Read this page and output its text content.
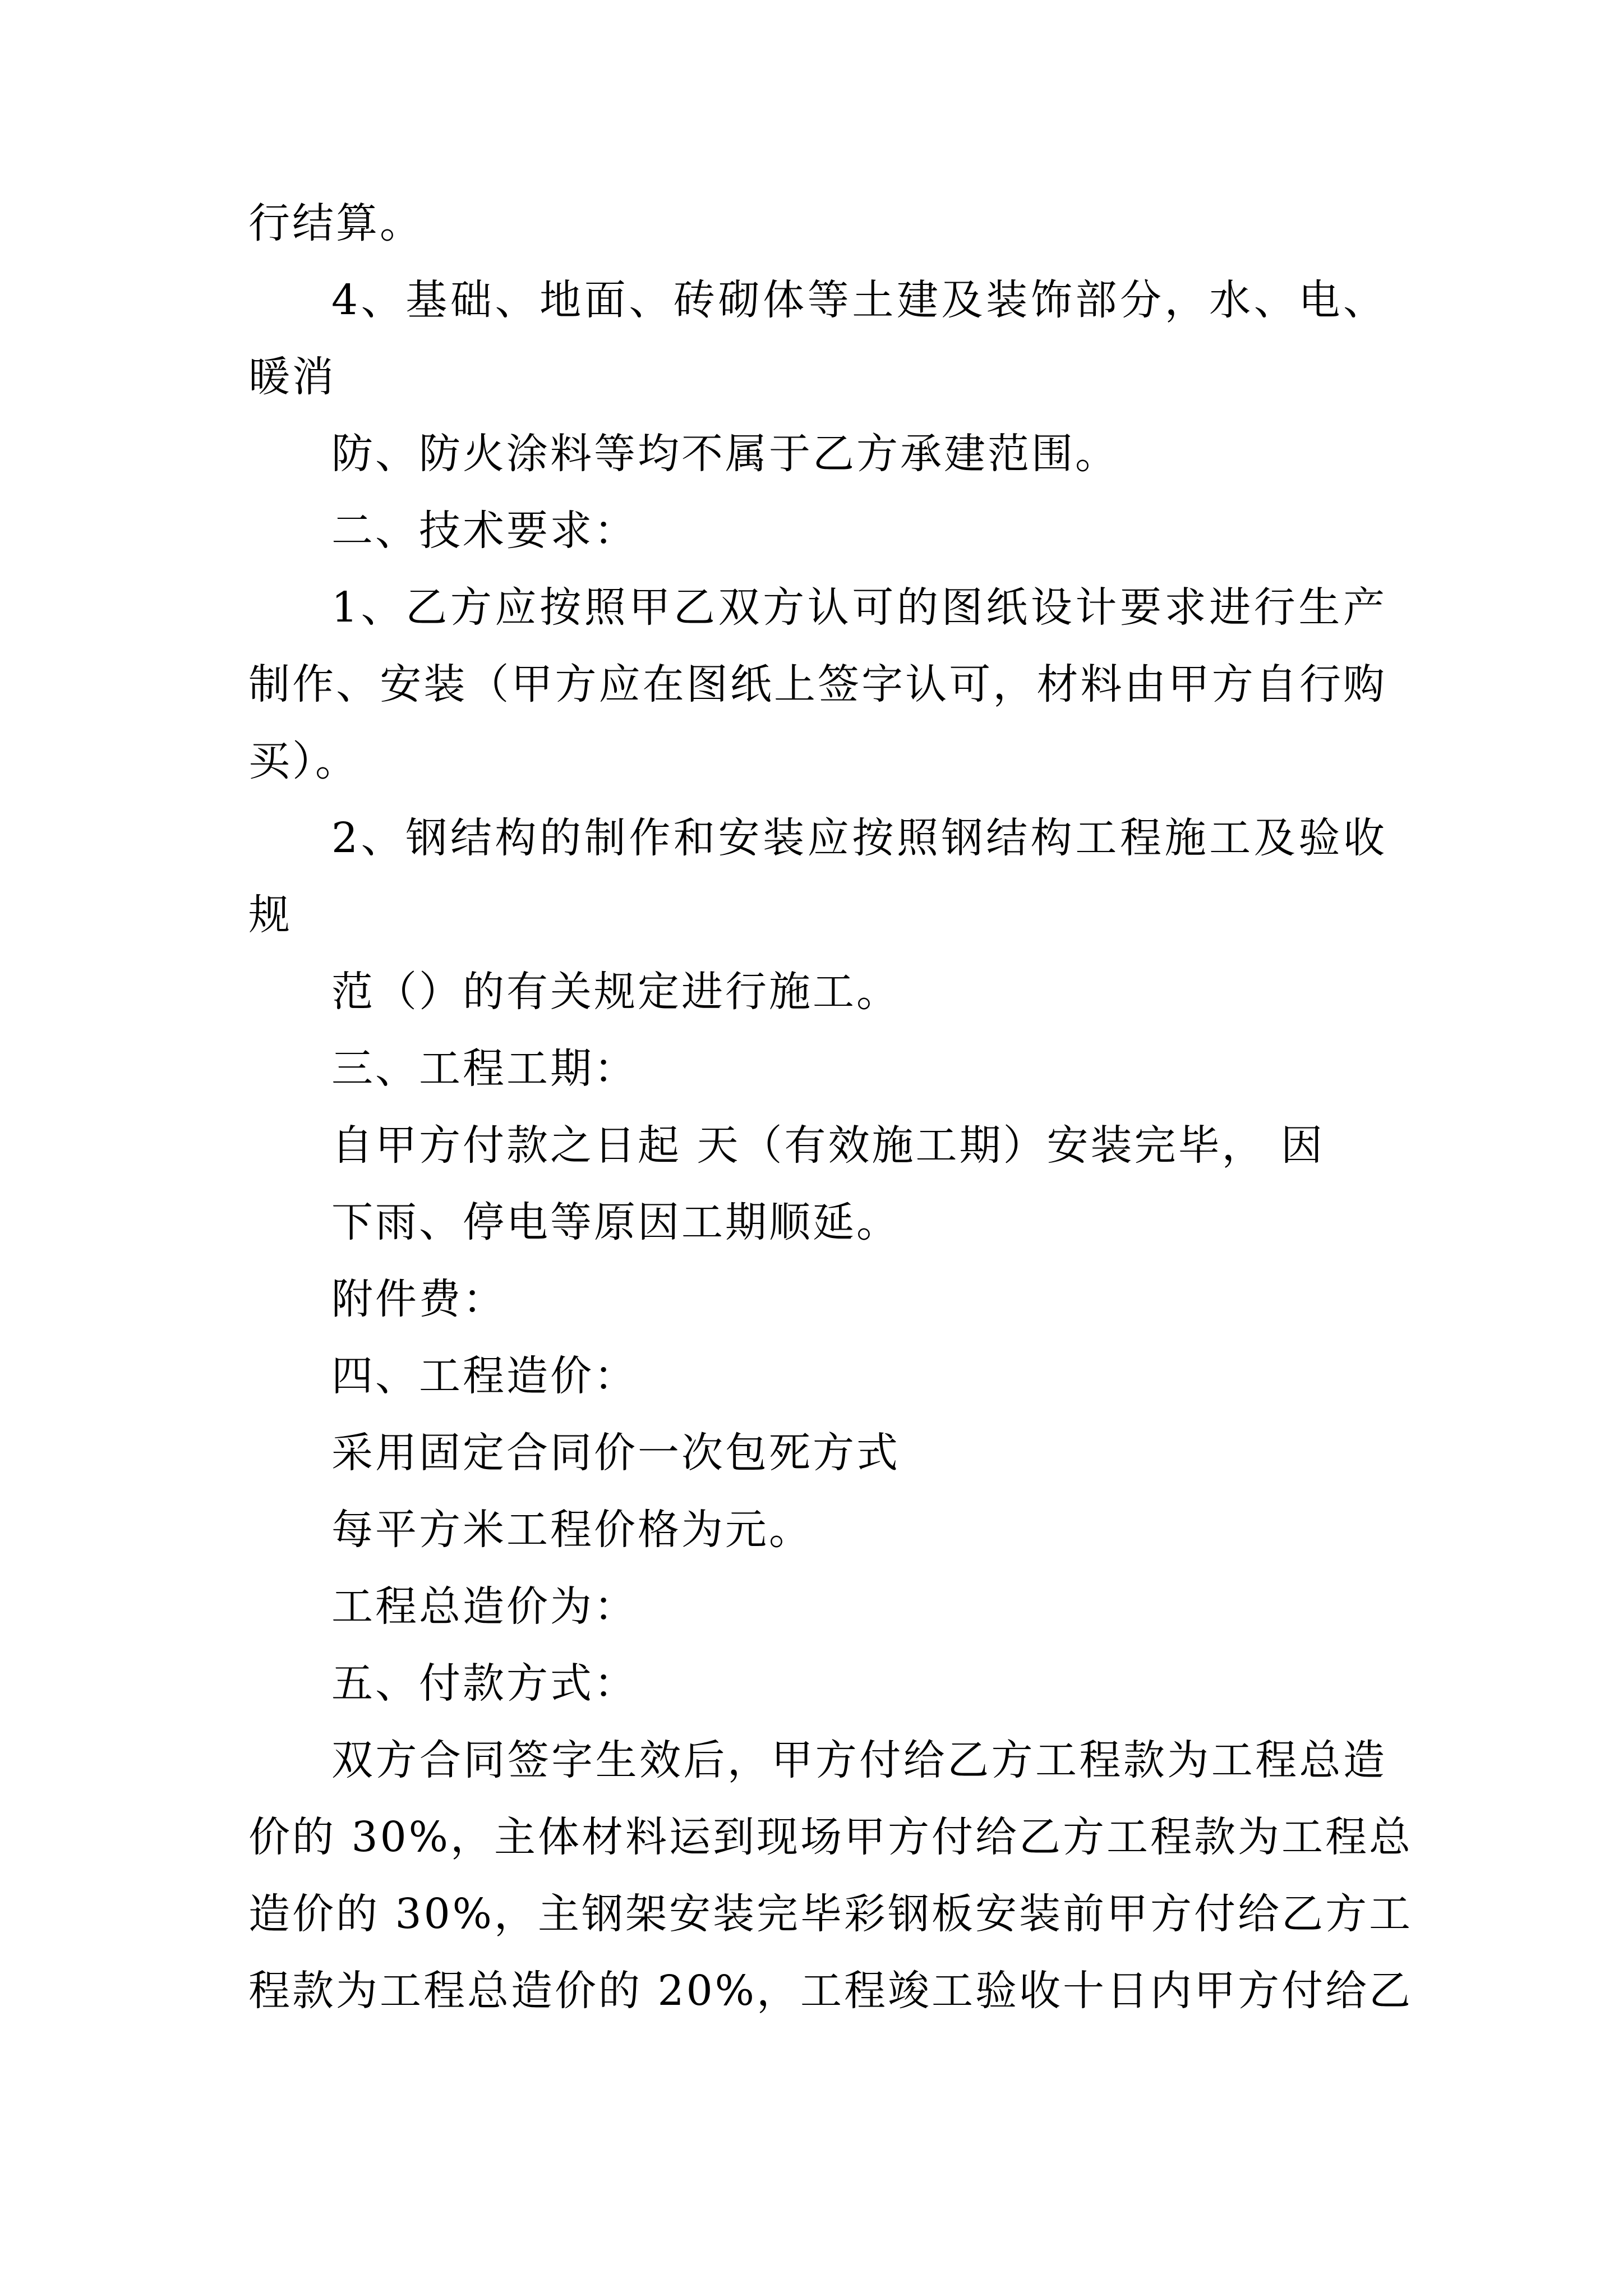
行结算。
4、基础、地面、砖砌体等土建及装饰部分，水、电、
暖消
防、防火涂料等均不属于乙方承建范围。
二、技术要求：
1、乙方应按照甲乙双方认可的图纸设计要求进行生产
制作、安装（甲方应在图纸上签字认可，材料由甲方自行购
买）。
2、钢结构的制作和安装应按照钢结构工程施工及验收
规
范（）的有关规定进行施工。
三、工程工期：
自甲方付款之日起 天（有效施工期）安装完毕， 因
下雨、停电等原因工期顺延。
附件费：
四、工程造价：
采用固定合同价一次包死方式
每平方米工程价格为元。
工程总造价为：
五、付款方式：
双方合同签字生效后，甲方付给乙方工程款为工程总造
价的 30%，主体材料运到现场甲方付给乙方工程款为工程总
造价的 30%，主钢架安装完毕彩钢板安装前甲方付给乙方工
程款为工程总造价的 20%，工程竣工验收十日内甲方付给乙
